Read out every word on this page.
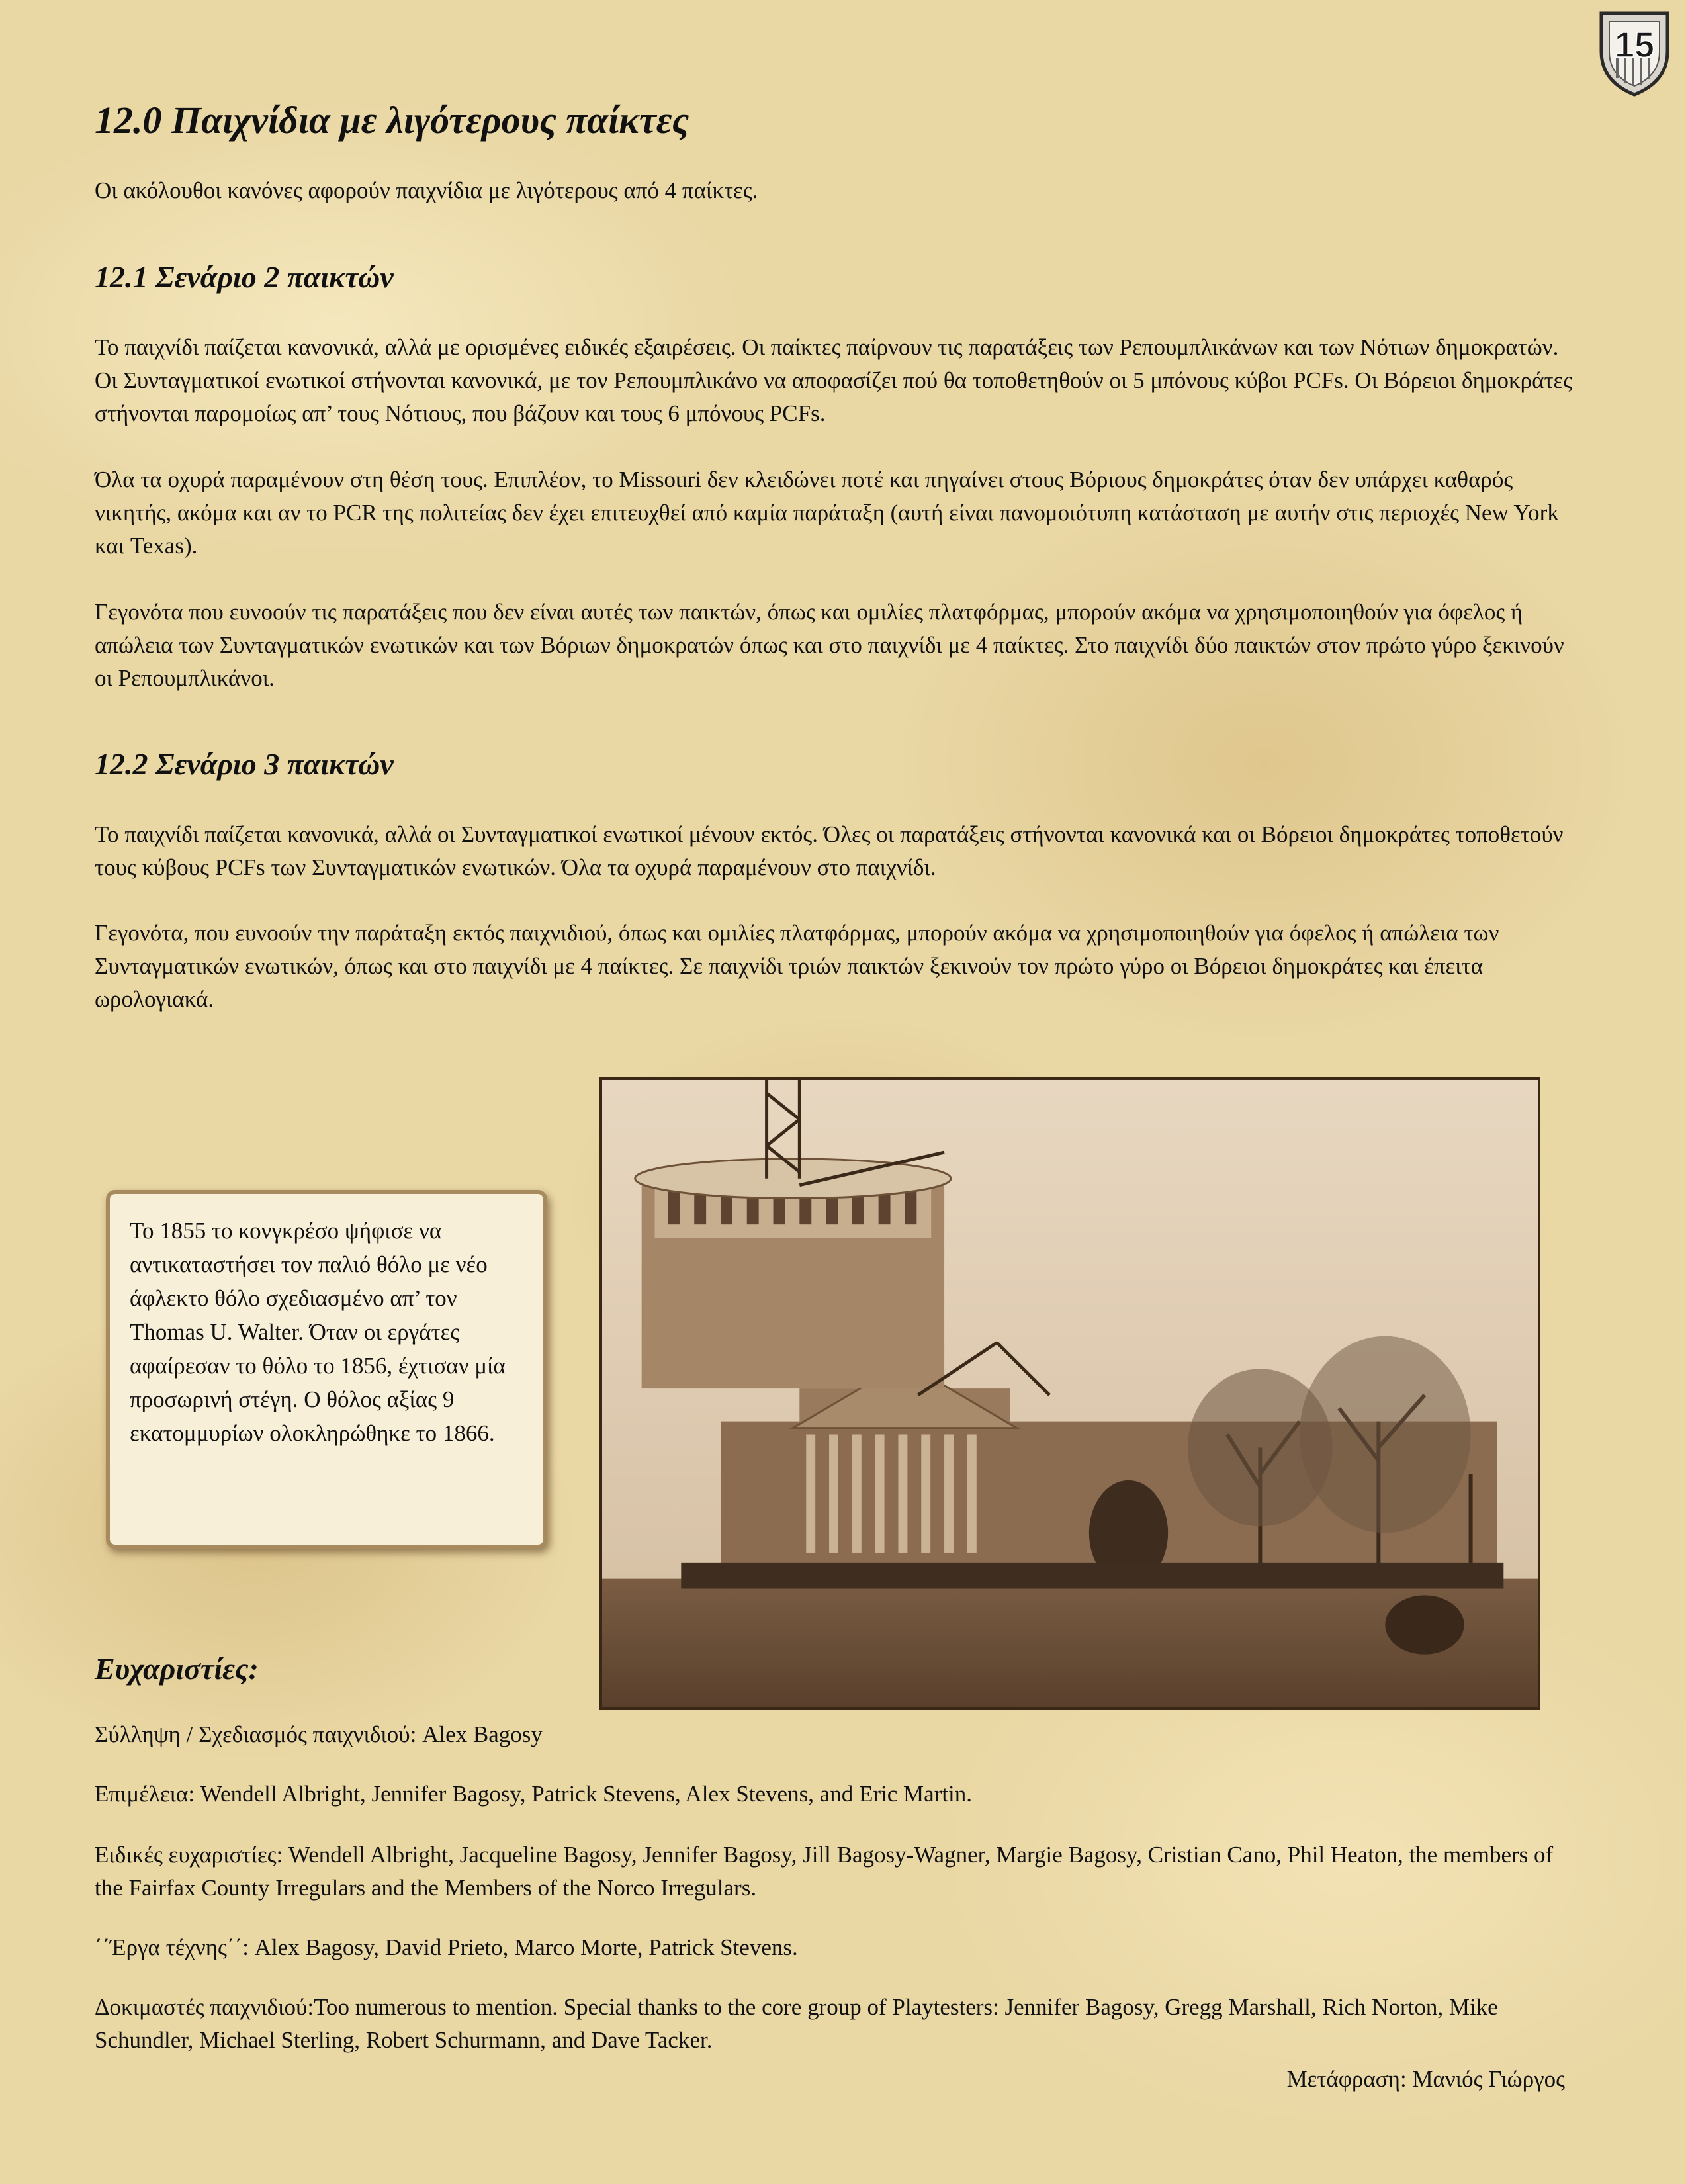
15
12.0 Παιχνίδια με λιγότερους παίκτες

Οι ακόλουθοι κανόνες αφορούν παιχνίδια με λιγότερους από 4 παίκτες.

12.1 Σενάριο 2 παικτών

Το παιχνίδι παίζεται κανονικά, αλλά με ορισμένες ειδικές εξαιρέσεις. Οι παίκτες παίρνουν τις παρατάξεις των Ρεπουμπλικάνων και των Νότιων δημοκρατών. Οι Συνταγματικοί ενωτικοί στήνονται κανονικά, με τον Ρεπουμπλικάνο να αποφασίζει πού θα τοποθετηθούν οι 5 μπόνους κύβοι PCFs. Οι Βόρειοι δημοκράτες στήνονται παρομοίως απ’ τους Νότιους, που βάζουν και τους 6 μπόνους PCFs.

Όλα τα οχυρά παραμένουν στη θέση τους. Επιπλέον, το Missouri δεν κλειδώνει ποτέ και πηγαίνει στους Βόριους δημοκράτες όταν δεν υπάρχει καθαρός νικητής, ακόμα και αν το PCR της πολιτείας δεν έχει επιτευχθεί από καμία παράταξη (αυτή είναι πανομοιότυπη κατάσταση με αυτήν στις περιοχές New York και Texas).

Γεγονότα που ευνοούν τις παρατάξεις που δεν είναι αυτές των παικτών, όπως και ομιλίες πλατφόρμας, μπορούν ακόμα να χρησιμοποιηθούν για όφελος ή απώλεια των Συνταγματικών ενωτικών και των Βόριων δημοκρατών όπως και στο παιχνίδι με 4 παίκτες. Στο παιχνίδι δύο παικτών στον πρώτο γύρο ξεκινούν οι Ρεπουμπλικάνοι.

12.2 Σενάριο 3 παικτών

Το παιχνίδι παίζεται κανονικά, αλλά οι Συνταγματικοί ενωτικοί μένουν εκτός. Όλες οι παρατάξεις στήνονται κανονικά και οι Βόρειοι δημοκράτες τοποθετούν τους κύβους PCFs των Συνταγματικών ενωτικών. Όλα τα οχυρά παραμένουν στο παιχνίδι.

Γεγονότα, που ευνοούν την παράταξη εκτός παιχνιδιού, όπως και ομιλίες πλατφόρμας, μπορούν ακόμα να χρησιμοποιηθούν για όφελος ή απώλεια των Συνταγματικών ενωτικών, όπως και στο παιχνίδι με 4 παίκτες. Σε παιχνίδι τριών παικτών ξεκινούν τον πρώτο γύρο οι Βόρειοι δημοκράτες και έπειτα ωρολογιακά.

Το 1855 το κονγκρέσο ψήφισε να αντικαταστήσει τον παλιό θόλο με νέο άφλεκτο θόλο σχεδιασμένο απ’ τον Thomas U. Walter. Όταν οι εργάτες αφαίρεσαν το θόλο το 1856, έχτισαν μία προσωρινή στέγη. Ο θόλος αξίας 9 εκατομμυρίων ολοκληρώθηκε το 1866.

Ευχαριστίες:

Σύλληψη / Σχεδιασμός παιχνιδιού: Alex Bagosy

Επιμέλεια: Wendell Albright, Jennifer Bagosy, Patrick Stevens, Alex Stevens, and Eric Martin.

Ειδικές ευχαριστίες: Wendell Albright, Jacqueline Bagosy, Jennifer Bagosy, Jill Bagosy-Wagner, Margie Bagosy, Cristian Cano, Phil Heaton, the members of the Fairfax County Irregulars and the Members of the Norco Irregulars.

΄΄Έργα τέχνης΄΄: Alex Bagosy, David Prieto, Marco Morte, Patrick Stevens.

Δοκιμαστές παιχνιδιού:Too numerous to mention. Special thanks to the core group of Playtesters: Jennifer Bagosy, Gregg Marshall, Rich Norton, Mike Schundler, Michael Sterling, Robert Schurmann, and Dave Tacker.

Μετάφραση: Μανιός Γιώργος
